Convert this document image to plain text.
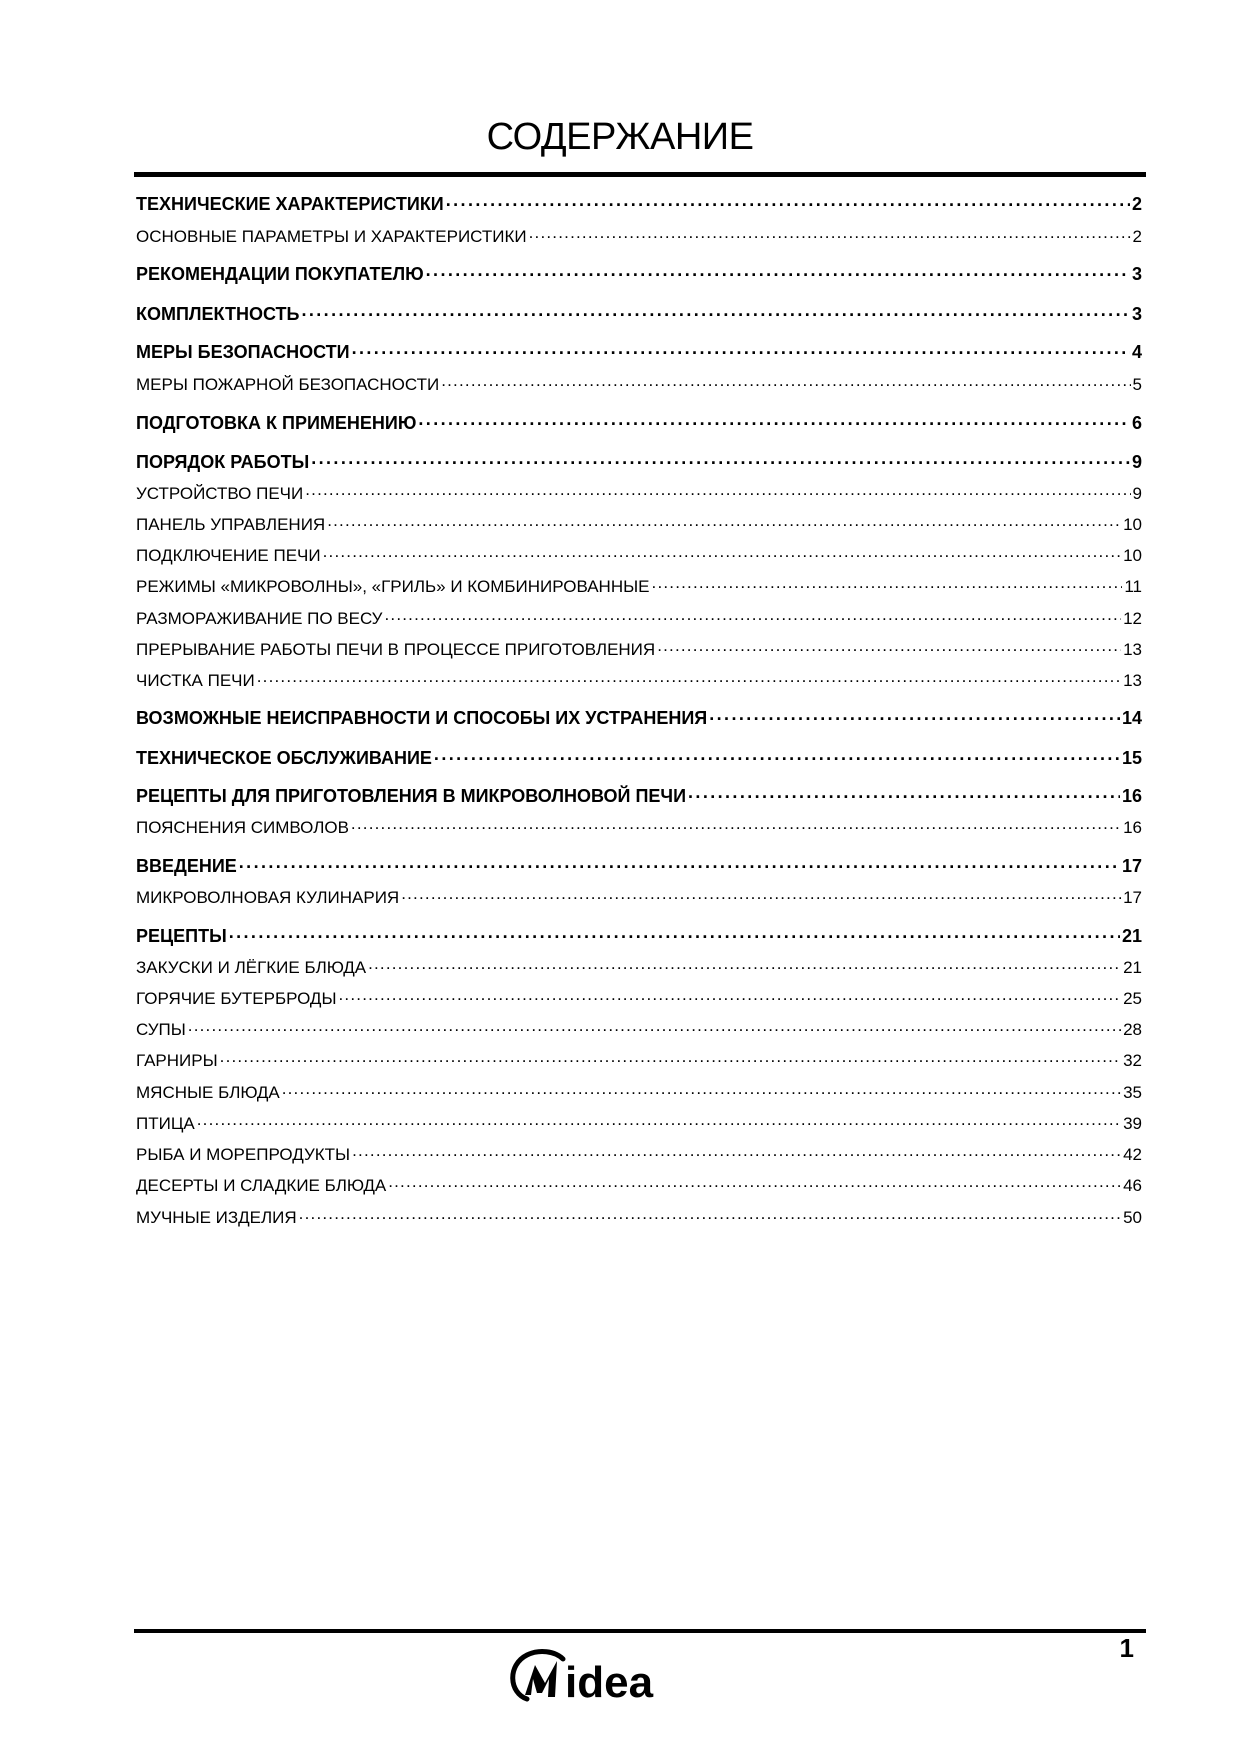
СОДЕРЖАНИЕ
ТЕХНИЧЕСКИЕ ХАРАКТЕРИСТИКИ .....	2
ОСНОВНЫЕ ПАРАМЕТРЫ И ХАРАКТЕРИСТИКИ .....	2
РЕКОМЕНДАЦИИ ПОКУПАТЕЛЮ .....	3
КОМПЛЕКТНОСТЬ .....	3
МЕРЫ БЕЗОПАСНОСТИ .....	4
МЕРЫ ПОЖАРНОЙ БЕЗОПАСНОСТИ .....	5
ПОДГОТОВКА К ПРИМЕНЕНИЮ .....	6
ПОРЯДОК РАБОТЫ .....	9
УСТРОЙСТВО ПЕЧИ .....	9
ПАНЕЛЬ УПРАВЛЕНИЯ .....	10
ПОДКЛЮЧЕНИЕ ПЕЧИ .....	10
РЕЖИМЫ «МИКРОВОЛНЫ», «ГРИЛЬ» И КОМБИНИРОВАННЫЕ .....	11
РАЗМОРАЖИВАНИЕ ПО ВЕСУ .....	12
ПРЕРЫВАНИЕ РАБОТЫ ПЕЧИ В ПРОЦЕССЕ ПРИГОТОВЛЕНИЯ .....	13
ЧИСТКА ПЕЧИ .....	13
ВОЗМОЖНЫЕ НЕИСПРАВНОСТИ И СПОСОБЫ ИХ УСТРАНЕНИЯ .....	14
ТЕХНИЧЕСКОЕ ОБСЛУЖИВАНИЕ .....	15
РЕЦЕПТЫ ДЛЯ ПРИГОТОВЛЕНИЯ В МИКРОВОЛНОВОЙ ПЕЧИ .....	16
ПОЯСНЕНИЯ СИМВОЛОВ .....	16
ВВЕДЕНИЕ .....	17
МИКРОВОЛНОВАЯ КУЛИНАРИЯ .....	17
РЕЦЕПТЫ .....	21
ЗАКУСКИ И ЛЁГКИЕ БЛЮДА .....	21
ГОРЯЧИЕ БУТЕРБРОДЫ .....	25
СУПЫ .....	28
ГАРНИРЫ .....	32
МЯСНЫЕ БЛЮДА .....	35
ПТИЦА .....	39
РЫБА И МОРЕПРОДУКТЫ .....	42
ДЕСЕРТЫ И СЛАДКИЕ БЛЮДА .....	46
МУЧНЫЕ ИЗДЕЛИЯ .....	50
idea
1
